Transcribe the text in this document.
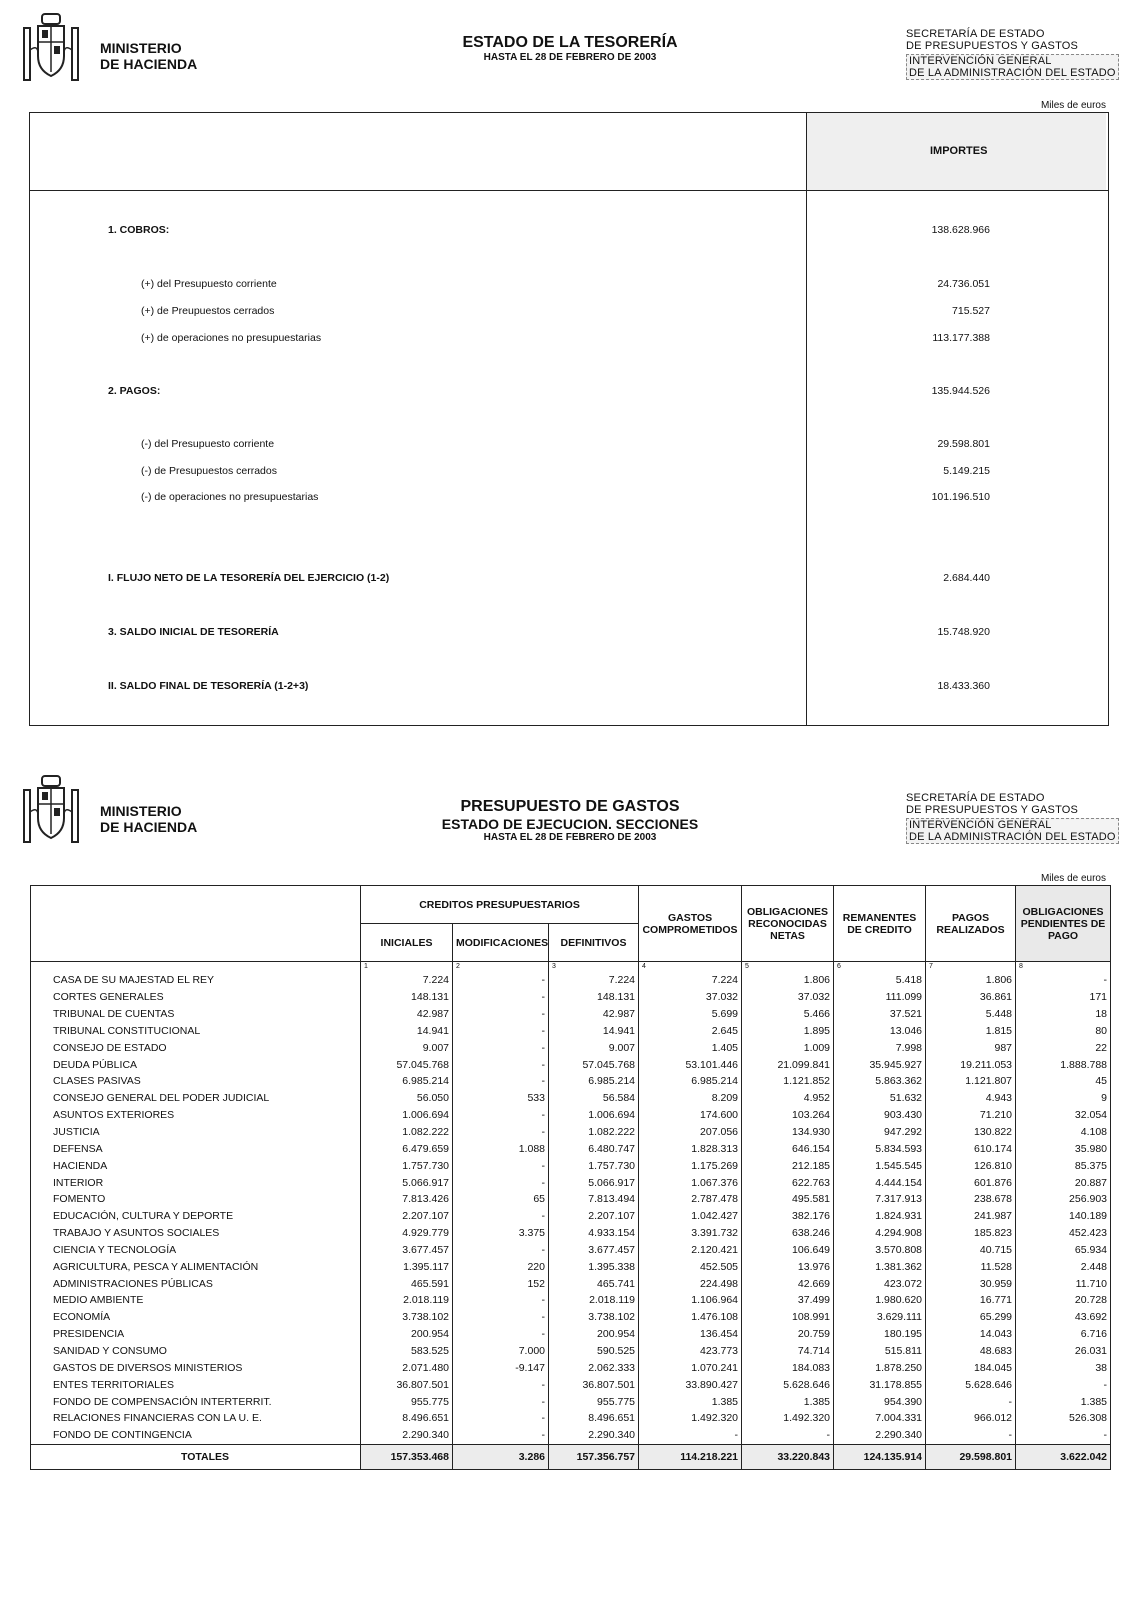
MINISTERIO
DE HACIENDA
ESTADO DE LA TESORERÍA
HASTA EL 28 DE FEBRERO DE 2003
SECRETARÍA DE ESTADO
DE PRESUPUESTOS Y GASTOS
INTERVENCIÓN GENERAL
DE LA ADMINISTRACIÓN DEL ESTADO
Miles de euros
IMPORTES
1. COBROS:	138.628.966
(+) del Presupuesto corriente	24.736.051
(+) de Preupuestos cerrados	715.527
(+) de operaciones no presupuestarias	113.177.388
2. PAGOS:	135.944.526
(-) del Presupuesto corriente	29.598.801
(-) de Presupuestos cerrados	5.149.215
(-) de operaciones no presupuestarias	101.196.510
I. FLUJO NETO DE LA TESORERÍA DEL EJERCICIO (1-2)	2.684.440
3. SALDO INICIAL DE TESORERÍA	15.748.920
II. SALDO FINAL DE TESORERÍA (1-2+3)	18.433.360
MINISTERIO
DE HACIENDA
PRESUPUESTO DE GASTOS
ESTADO DE EJECUCION. SECCIONES
HASTA EL 28 DE FEBRERO DE 2003
SECRETARÍA DE ESTADO
DE PRESUPUESTOS Y GASTOS
INTERVENCIÓN GENERAL
DE LA ADMINISTRACIÓN DEL ESTADO
Miles de euros
	CREDITOS PRESUPUESTARIOS			GASTOS COMPROMETIDOS	OBLIGACIONES RECONOCIDAS NETAS	REMANENTES DE CREDITO	PAGOS REALIZADOS	OBLIGACIONES PENDIENTES DE PAGO
	INICIALES	MODIFICACIONES	DEFINITIVOS					
	1	2	3	4	5	6	7	8
CASA DE SU MAJESTAD EL REY	7.224	-	7.224	7.224	1.806	5.418	1.806	-
CORTES GENERALES	148.131	-	148.131	37.032	37.032	111.099	36.861	171
TRIBUNAL DE CUENTAS	42.987	-	42.987	5.699	5.466	37.521	5.448	18
TRIBUNAL CONSTITUCIONAL	14.941	-	14.941	2.645	1.895	13.046	1.815	80
CONSEJO DE ESTADO	9.007	-	9.007	1.405	1.009	7.998	987	22
DEUDA PÚBLICA	57.045.768	-	57.045.768	53.101.446	21.099.841	35.945.927	19.211.053	1.888.788
CLASES PASIVAS	6.985.214	-	6.985.214	6.985.214	1.121.852	5.863.362	1.121.807	45
CONSEJO GENERAL DEL PODER JUDICIAL	56.050	533	56.584	8.209	4.952	51.632	4.943	9
ASUNTOS EXTERIORES	1.006.694	-	1.006.694	174.600	103.264	903.430	71.210	32.054
JUSTICIA	1.082.222	-	1.082.222	207.056	134.930	947.292	130.822	4.108
DEFENSA	6.479.659	1.088	6.480.747	1.828.313	646.154	5.834.593	610.174	35.980
HACIENDA	1.757.730	-	1.757.730	1.175.269	212.185	1.545.545	126.810	85.375
INTERIOR	5.066.917	-	5.066.917	1.067.376	622.763	4.444.154	601.876	20.887
FOMENTO	7.813.426	65	7.813.494	2.787.478	495.581	7.317.913	238.678	256.903
EDUCACIÓN, CULTURA Y DEPORTE	2.207.107	-	2.207.107	1.042.427	382.176	1.824.931	241.987	140.189
TRABAJO Y ASUNTOS SOCIALES	4.929.779	3.375	4.933.154	3.391.732	638.246	4.294.908	185.823	452.423
CIENCIA Y TECNOLOGÍA	3.677.457	-	3.677.457	2.120.421	106.649	3.570.808	40.715	65.934
AGRICULTURA, PESCA Y ALIMENTACIÓN	1.395.117	220	1.395.338	452.505	13.976	1.381.362	11.528	2.448
ADMINISTRACIONES PÚBLICAS	465.591	152	465.741	224.498	42.669	423.072	30.959	11.710
MEDIO AMBIENTE	2.018.119	-	2.018.119	1.106.964	37.499	1.980.620	16.771	20.728
ECONOMÍA	3.738.102	-	3.738.102	1.476.108	108.991	3.629.111	65.299	43.692
PRESIDENCIA	200.954	-	200.954	136.454	20.759	180.195	14.043	6.716
SANIDAD Y CONSUMO	583.525	7.000	590.525	423.773	74.714	515.811	48.683	26.031
GASTOS DE DIVERSOS MINISTERIOS	2.071.480	-9.147	2.062.333	1.070.241	184.083	1.878.250	184.045	38
ENTES TERRITORIALES	36.807.501	-	36.807.501	33.890.427	5.628.646	31.178.855	5.628.646	-
FONDO DE COMPENSACIÓN INTERTERRIT.	955.775	-	955.775	1.385	1.385	954.390	-	1.385
RELACIONES FINANCIERAS CON LA U. E.	8.496.651	-	8.496.651	1.492.320	1.492.320	7.004.331	966.012	526.308
FONDO DE CONTINGENCIA	2.290.340	-	2.290.340	-	-	2.290.340	-	-
TOTALES	157.353.468	3.286	157.356.757	114.218.221	33.220.843	124.135.914	29.598.801	3.622.042
